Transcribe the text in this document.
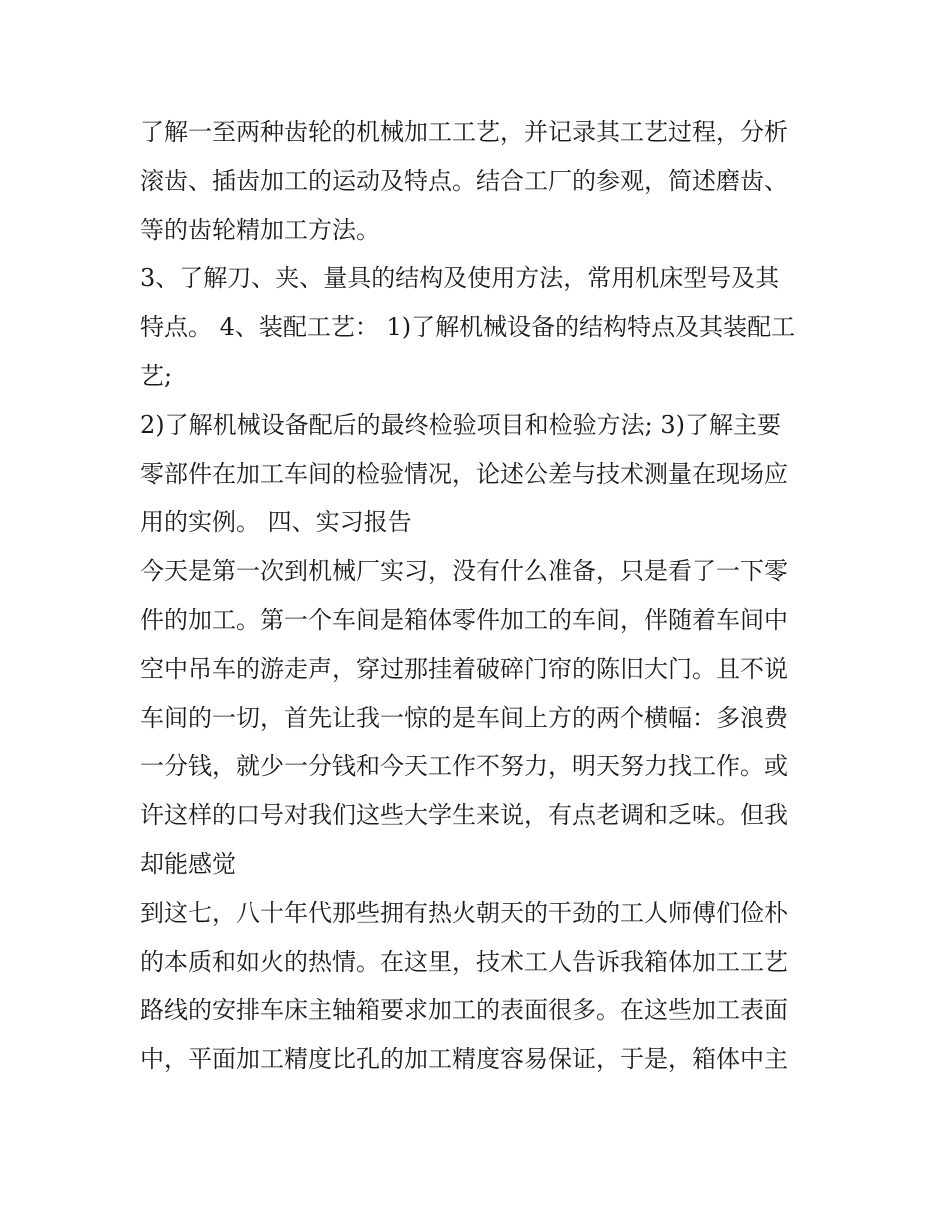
了解一至两种齿轮的机械加工工艺，并记录其工艺过程，分析
滚齿、插齿加工的运动及特点。结合工厂的参观，简述磨齿、
等的齿轮精加工方法。
3、了解刀、夹、量具的结构及使用方法，常用机床型号及其
特点。 4、装配工艺： 1)了解机械设备的结构特点及其装配工
艺;
2)了解机械设备配后的最终检验项目和检验方法; 3)了解主要
零部件在加工车间的检验情况，论述公差与技术测量在现场应
用的实例。 四、实习报告
今天是第一次到机械厂实习，没有什么准备，只是看了一下零
件的加工。第一个车间是箱体零件加工的车间，伴随着车间中
空中吊车的游走声，穿过那挂着破碎门帘的陈旧大门。且不说
车间的一切，首先让我一惊的是车间上方的两个横幅：多浪费
一分钱，就少一分钱和今天工作不努力，明天努力找工作。或
许这样的口号对我们这些大学生来说，有点老调和乏味。但我
却能感觉
到这七，八十年代那些拥有热火朝天的干劲的工人师傅们俭朴
的本质和如火的热情。在这里，技术工人告诉我箱体加工工艺
路线的安排车床主轴箱要求加工的表面很多。在这些加工表面
中，平面加工精度比孔的加工精度容易保证，于是，箱体中主
